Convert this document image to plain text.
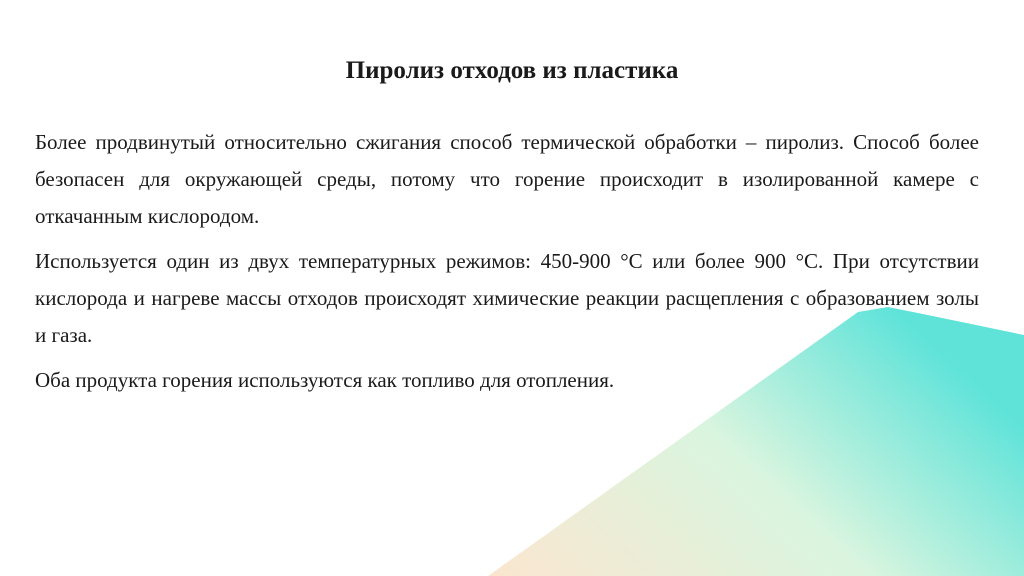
Пиролиз отходов из пластика

Более продвинутый относительно сжигания способ термической обработки – пиролиз. Способ более безопасен для окружающей среды, потому что горение происходит в изолированной камере с откачанным кислородом.

Используется один из двух температурных режимов: 450-900 °С или более 900 °С. При отсутствии кислорода и нагреве массы отходов происходят химические реакции расщепления с образованием золы и газа.

Оба продукта горения используются как топливо для отопления.
